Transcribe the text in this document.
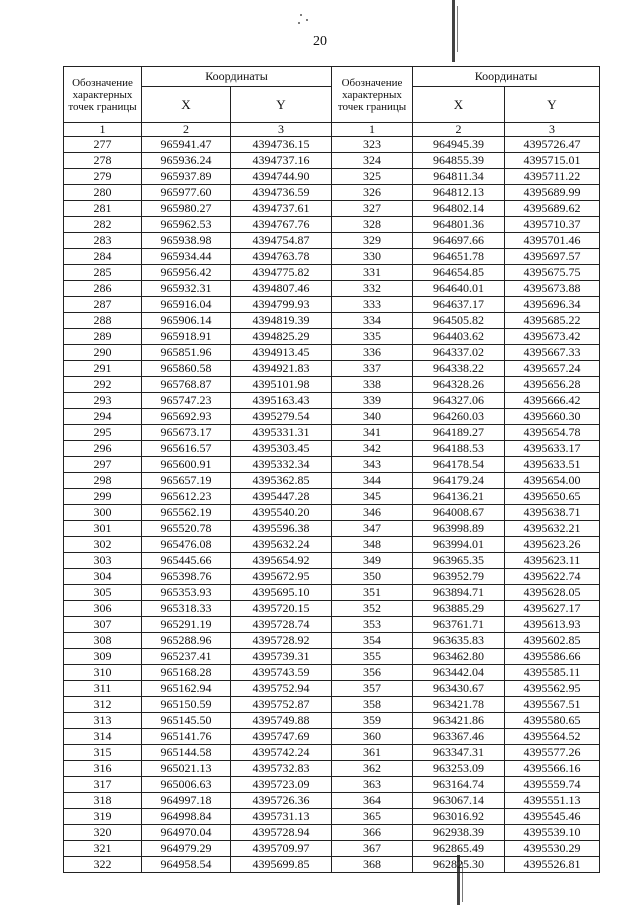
20
Обозначение характерных точек границы	Координаты		Обозначение характерных точек границы	Координаты	
	X	Y		X	Y
1	2	3	1	2	3
277	965941.47	4394736.15	323	964945.39	4395726.47
278	965936.24	4394737.16	324	964855.39	4395715.01
279	965937.89	4394744.90	325	964811.34	4395711.22
280	965977.60	4394736.59	326	964812.13	4395689.99
281	965980.27	4394737.61	327	964802.14	4395689.62
282	965962.53	4394767.76	328	964801.36	4395710.37
283	965938.98	4394754.87	329	964697.66	4395701.46
284	965934.44	4394763.78	330	964651.78	4395697.57
285	965956.42	4394775.82	331	964654.85	4395675.75
286	965932.31	4394807.46	332	964640.01	4395673.88
287	965916.04	4394799.93	333	964637.17	4395696.34
288	965906.14	4394819.39	334	964505.82	4395685.22
289	965918.91	4394825.29	335	964403.62	4395673.42
290	965851.96	4394913.45	336	964337.02	4395667.33
291	965860.58	4394921.83	337	964338.22	4395657.24
292	965768.87	4395101.98	338	964328.26	4395656.28
293	965747.23	4395163.43	339	964327.06	4395666.42
294	965692.93	4395279.54	340	964260.03	4395660.30
295	965673.17	4395331.31	341	964189.27	4395654.78
296	965616.57	4395303.45	342	964188.53	4395633.17
297	965600.91	4395332.34	343	964178.54	4395633.51
298	965657.19	4395362.85	344	964179.24	4395654.00
299	965612.23	4395447.28	345	964136.21	4395650.65
300	965562.19	4395540.20	346	964008.67	4395638.71
301	965520.78	4395596.38	347	963998.89	4395632.21
302	965476.08	4395632.24	348	963994.01	4395623.26
303	965445.66	4395654.92	349	963965.35	4395623.11
304	965398.76	4395672.95	350	963952.79	4395622.74
305	965353.93	4395695.10	351	963894.71	4395628.05
306	965318.33	4395720.15	352	963885.29	4395627.17
307	965291.19	4395728.74	353	963761.71	4395613.93
308	965288.96	4395728.92	354	963635.83	4395602.85
309	965237.41	4395739.31	355	963462.80	4395586.66
310	965168.28	4395743.59	356	963442.04	4395585.11
311	965162.94	4395752.94	357	963430.67	4395562.95
312	965150.59	4395752.87	358	963421.78	4395567.51
313	965145.50	4395749.88	359	963421.86	4395580.65
314	965141.76	4395747.69	360	963367.46	4395564.52
315	965144.58	4395742.24	361	963347.31	4395577.26
316	965021.13	4395732.83	362	963253.09	4395566.16
317	965006.63	4395723.09	363	963164.74	4395559.74
318	964997.18	4395726.36	364	963067.14	4395551.13
319	964998.84	4395731.13	365	963016.92	4395545.46
320	964970.04	4395728.94	366	962938.39	4395539.10
321	964979.29	4395709.97	367	962865.49	4395530.29
322	964958.54	4395699.85	368	962825.30	4395526.81
